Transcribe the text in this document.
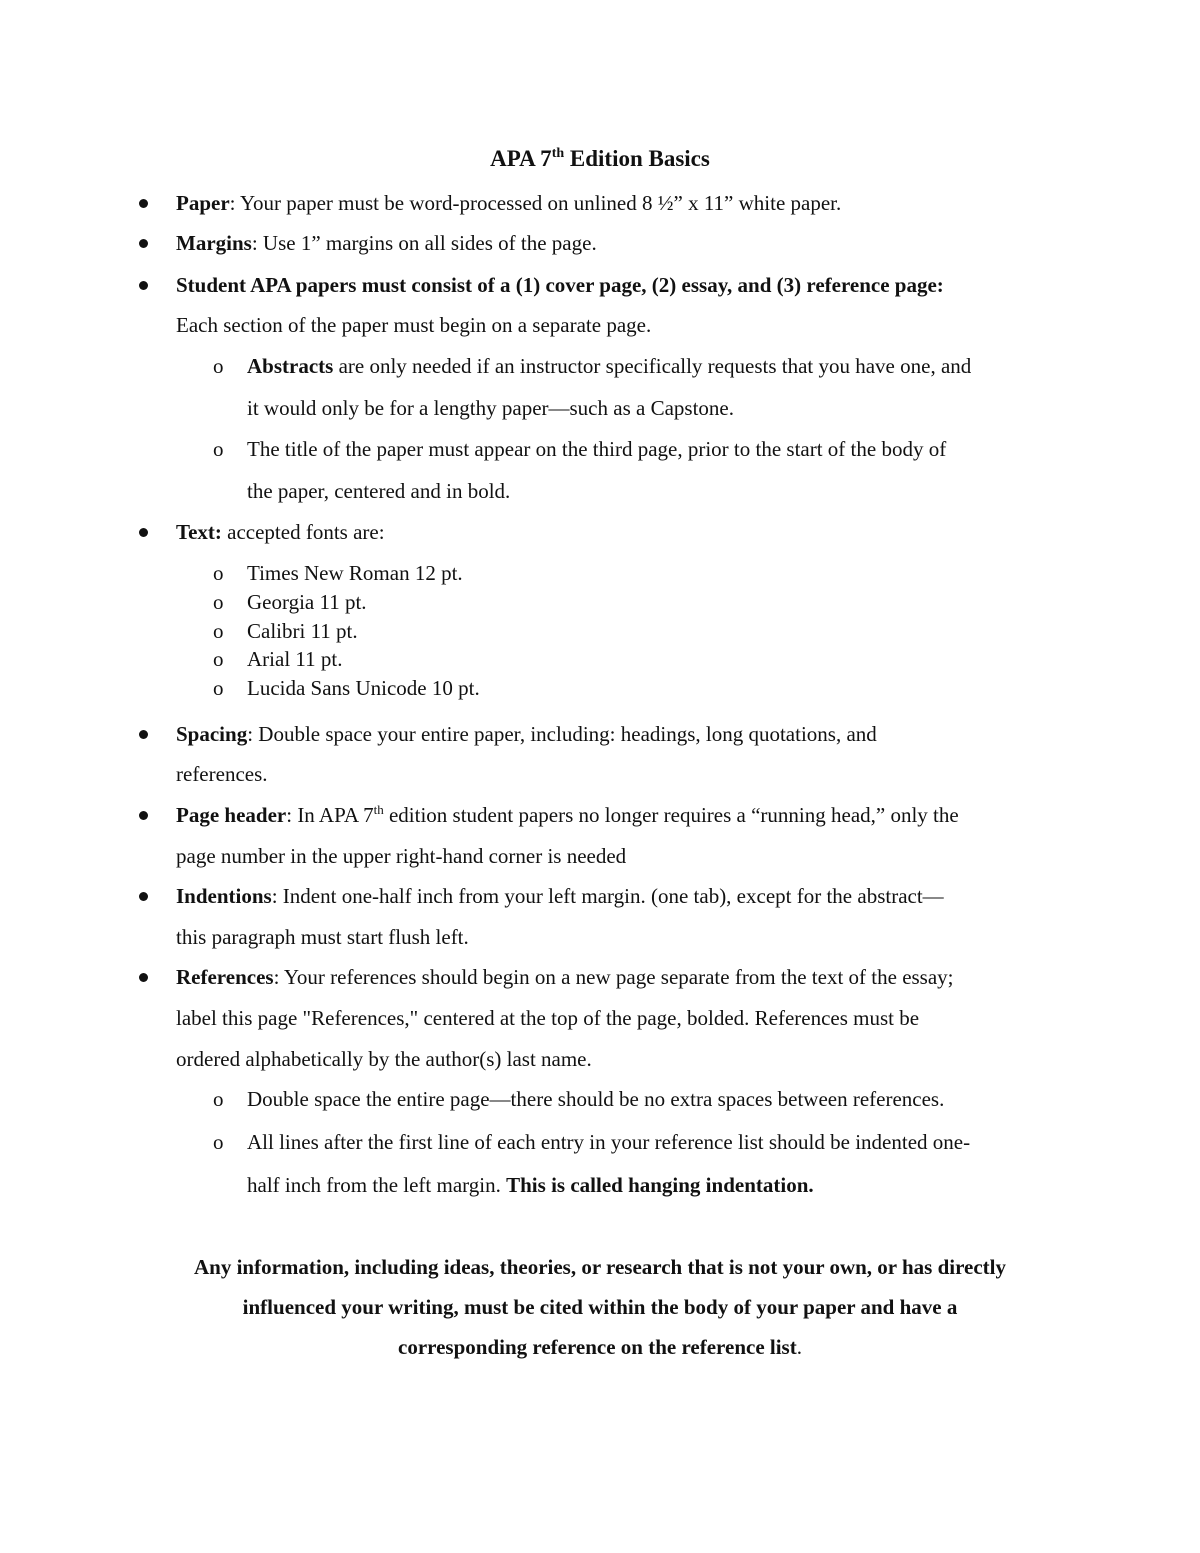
APA 7th Edition Basics
Paper: Your paper must be word-processed on unlined 8 ½” x 11” white paper.
Margins: Use 1” margins on all sides of the page.
Student APA papers must consist of a (1) cover page, (2) essay, and (3) reference page:
Each section of the paper must begin on a separate page.
o Abstracts are only needed if an instructor specifically requests that you have one, and
it would only be for a lengthy paper—such as a Capstone.
o The title of the paper must appear on the third page, prior to the start of the body of
the paper, centered and in bold.
Text: accepted fonts are:
o Times New Roman 12 pt.
o Georgia 11 pt.
o Calibri 11 pt.
o Arial 11 pt.
o Lucida Sans Unicode 10 pt.
Spacing: Double space your entire paper, including: headings, long quotations, and
references.
Page header: In APA 7th edition student papers no longer requires a “running head,” only the
page number in the upper right-hand corner is needed
Indentions: Indent one-half inch from your left margin. (one tab), except for the abstract—
this paragraph must start flush left.
References: Your references should begin on a new page separate from the text of the essay;
label this page "References," centered at the top of the page, bolded. References must be
ordered alphabetically by the author(s) last name.
o Double space the entire page—there should be no extra spaces between references.
o All lines after the first line of each entry in your reference list should be indented one-
half inch from the left margin. This is called hanging indentation.
Any information, including ideas, theories, or research that is not your own, or has directly
influenced your writing, must be cited within the body of your paper and have a
corresponding reference on the reference list.
